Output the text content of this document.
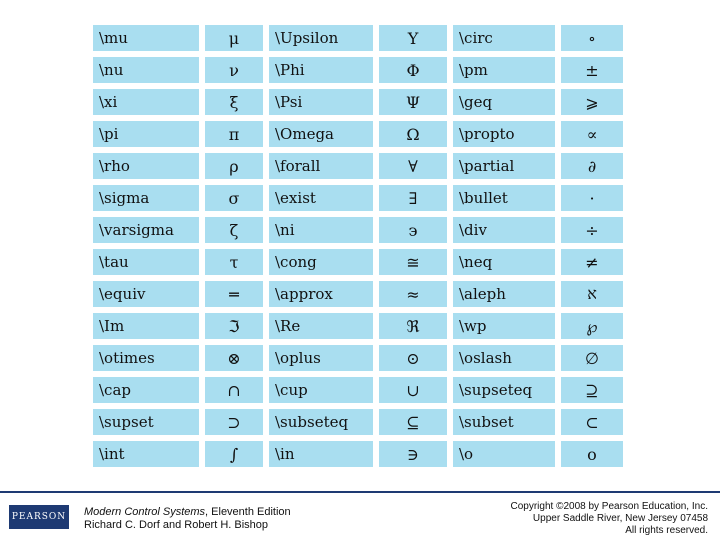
\mu	μ	\Upsilon	Υ	\circ	∘
\nu	ν	\Phi	Φ	\pm	±
\xi	ξ	\Psi	Ψ	\geq	⩾
\pi	π	\Omega	Ω	\propto	∝
\rho	ρ	\forall	∀	\partial	∂
\sigma	σ	\exist	∃	\bullet	·
\varsigma	ζ	\ni	϶	\div	÷
\tau	τ	\cong	≅	\neq	≠
\equiv	═	\approx	≈	\aleph	א
\Im	ℑ	\Re	ℜ	\wp	℘
\otimes	⊗	\oplus	⊙	\oslash	∅
\cap	∩	\cup	∪	\supseteq	⊇
\supset	⊃	\subseteq	⊆	\subset	⊂
\int	∫	\in	∋	\o	ο
PEARSON Modern Control Systems, Eleventh Edition
Richard C. Dorf and Robert H. Bishop
Copyright ©2008 by Pearson Education, Inc.
Upper Saddle River, New Jersey 07458
All rights reserved.
